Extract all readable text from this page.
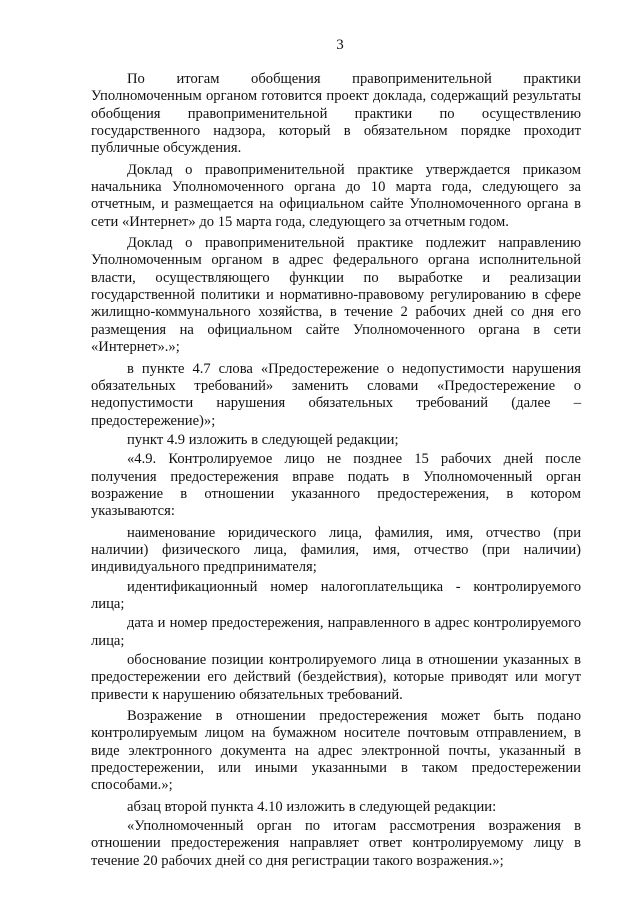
3

По итогам обобщения правоприменительной практики Уполномоченным органом готовится проект доклада, содержащий результаты обобщения правоприменительной практики по осуществлению государственного надзора, который в обязательном порядке проходит публичные обсуждения.

Доклад о правоприменительной практике утверждается приказом начальника Уполномоченного органа до 10 марта года, следующего за отчетным, и размещается на официальном сайте Уполномоченного органа в сети «Интернет» до 15 марта года, следующего за отчетным годом.

Доклад о правоприменительной практике подлежит направлению Уполномоченным органом в адрес федерального органа исполнительной власти, осуществляющего функции по выработке и реализации государственной политики и нормативно-правовому регулированию в сфере жилищно-коммунального хозяйства, в течение 2 рабочих дней со дня его размещения на официальном сайте Уполномоченного органа в сети «Интернет».»;

в пункте 4.7 слова «Предостережение о недопустимости нарушения обязательных требований» заменить словами «Предостережение о недопустимости нарушения обязательных требований (далее – предостережение)»;

пункт 4.9 изложить в следующей редакции;

«4.9. Контролируемое лицо не позднее 15 рабочих дней после получения предостережения вправе подать в Уполномоченный орган возражение в отношении указанного предостережения, в котором указываются:

наименование юридического лица, фамилия, имя, отчество (при наличии) физического лица, фамилия, имя, отчество (при наличии) индивидуального предпринимателя;

идентификационный номер налогоплательщика - контролируемого лица;

дата и номер предостережения, направленного в адрес контролируемого лица;

обоснование позиции контролируемого лица в отношении указанных в предостережении его действий (бездействия), которые приводят или могут привести к нарушению обязательных требований.

Возражение в отношении предостережения может быть подано контролируемым лицом на бумажном носителе почтовым отправлением, в виде электронного документа на адрес электронной почты, указанный в предостережении, или иными указанными в таком предостережении способами.»;

абзац второй пункта 4.10 изложить в следующей редакции:

«Уполномоченный орган по итогам рассмотрения возражения в отношении предостережения направляет ответ контролируемому лицу в течение 20 рабочих дней со дня регистрации такого возражения.»;
